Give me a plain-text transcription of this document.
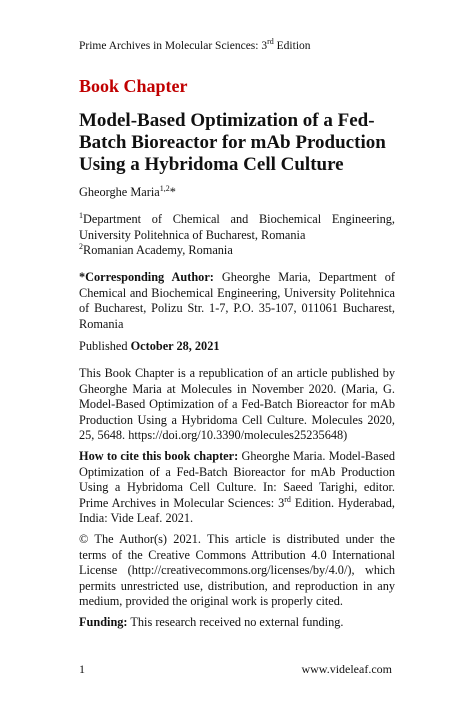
Prime Archives in Molecular Sciences: 3rd Edition
Book Chapter
Model-Based Optimization of a Fed-Batch Bioreactor for mAb Production Using a Hybridoma Cell Culture
Gheorghe Maria$^{1,2}$*
$^1$Department of Chemical and Biochemical Engineering, University Politehnica of Bucharest, Romania
$^2$Romanian Academy, Romania
*Corresponding Author: Gheorghe Maria, Department of Chemical and Biochemical Engineering, University Politehnica of Bucharest, Polizu Str. 1-7, P.O. 35-107, 011061 Bucharest, Romania
Published October 28, 2021
This Book Chapter is a republication of an article published by Gheorghe Maria at Molecules in November 2020. (Maria, G. Model-Based Optimization of a Fed-Batch Bioreactor for mAb Production Using a Hybridoma Cell Culture. Molecules 2020, 25, 5648. https://doi.org/10.3390/molecules25235648)
How to cite this book chapter: Gheorghe Maria. Model-Based Optimization of a Fed-Batch Bioreactor for mAb Production Using a Hybridoma Cell Culture. In: Saeed Tarighi, editor. Prime Archives in Molecular Sciences: 3rd Edition. Hyderabad, India: Vide Leaf. 2021.
© The Author(s) 2021. This article is distributed under the terms of the Creative Commons Attribution 4.0 International License (http://creativecommons.org/licenses/by/4.0/), which permits unrestricted use, distribution, and reproduction in any medium, provided the original work is properly cited.
Funding: This research received no external funding.
1	www.videleaf.com
